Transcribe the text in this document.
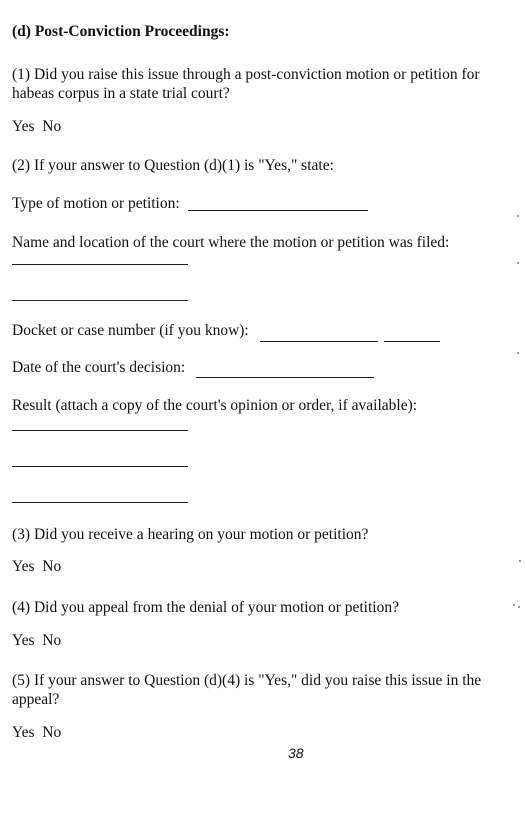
(d) Post-Conviction Proceedings:
(1) Did you raise this issue through a post-conviction motion or petition for
habeas corpus in a state trial court?
Yes  No
(2) If your answer to Question (d)(1) is "Yes," state:
Type of motion or petition:
Name and location of the court where the motion or petition was filed:
Docket or case number (if you know):
Date of the court's decision:
Result (attach a copy of the court's opinion or order, if available):
(3) Did you receive a hearing on your motion or petition?
Yes  No
(4) Did you appeal from the denial of your motion or petition?
Yes  No
(5) If your answer to Question (d)(4) is "Yes," did you raise this issue in the
appeal?
Yes  No
38
